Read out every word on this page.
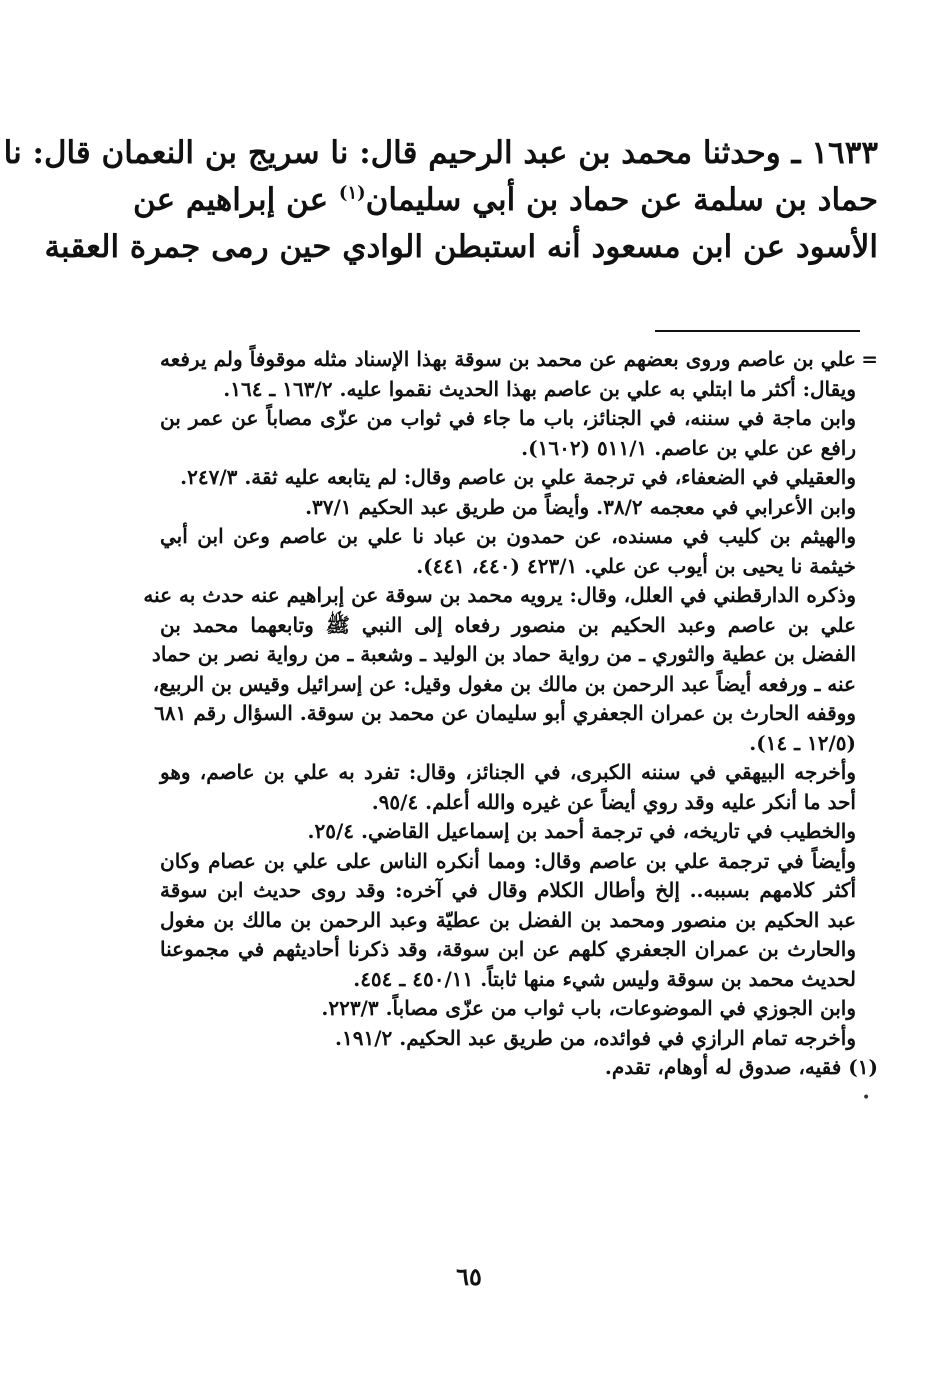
١٦٣٣ ـ وحدثنا محمد بن عبد الرحيم قال: نا سريج بن النعمان قال: نا
حماد بن سلمة عن حماد بن أبي سليمان$^{(١)}$ عن إبراهيم عن
الأسود عن ابن مسعود أنه استبطن الوادي حين رمى جمرة العقبة
=
علي بن عاصم وروى بعضهم عن محمد بن سوقة بهذا الإسناد مثله موقوفاً ولم يرفعه
ويقال: أكثر ما ابتلي به علي بن عاصم بهذا الحديث نقموا عليه. ١٦٣/٢ ـ ١٦٤.
وابن ماجة في سننه، في الجنائز، باب ما جاء في ثواب من عزّى مصاباً عن عمر بن
رافع عن علي بن عاصم. ٥١١/١ (١٦٠٢).
والعقيلي في الضعفاء، في ترجمة علي بن عاصم وقال: لم يتابعه عليه ثقة. ٢٤٧/٣.
وابن الأعرابي في معجمه ٣٨/٢. وأيضاً من طريق عبد الحكيم ٣٧/١.
والهيثم بن كليب في مسنده، عن حمدون بن عباد نا علي بن عاصم وعن ابن أبي
خيثمة نا يحيى بن أيوب عن علي. ٤٢٣/١ (٤٤٠، ٤٤١).
وذكره الدارقطني في العلل، وقال: يرويه محمد بن سوقة عن إبراهيم عنه حدث به عنه
علي بن عاصم وعبد الحكيم بن منصور رفعاه إلى النبي ﷺ وتابعهما محمد بن
الفضل بن عطية والثوري ـ من رواية حماد بن الوليد ـ وشعبة ـ من رواية نصر بن حماد
عنه ـ ورفعه أيضاً عبد الرحمن بن مالك بن مغول وقيل: عن إسرائيل وقيس بن الربيع،
ووقفه الحارث بن عمران الجعفري أبو سليمان عن محمد بن سوقة. السؤال رقم ٦٨١
(١٢/٥ ـ ١٤).
وأخرجه البيهقي في سننه الكبرى، في الجنائز، وقال: تفرد به علي بن عاصم، وهو
أحد ما أنكر عليه وقد روي أيضاً عن غيره والله أعلم. ٩٥/٤.
والخطيب في تاريخه، في ترجمة أحمد بن إسماعيل القاضي. ٢٥/٤.
وأيضاً في ترجمة علي بن عاصم وقال: ومما أنكره الناس على علي بن عصام وكان
أكثر كلامهم بسببه.. إلخ وأطال الكلام وقال في آخره: وقد روى حديث ابن سوقة
عبد الحكيم بن منصور ومحمد بن الفضل بن عطيّة وعبد الرحمن بن مالك بن مغول
والحارث بن عمران الجعفري كلهم عن ابن سوقة، وقد ذكرنا أحاديثهم في مجموعنا
لحديث محمد بن سوقة وليس شيء منها ثابتاً. ٤٥٠/١١ ـ ٤٥٤.
وابن الجوزي في الموضوعات، باب ثواب من عزّى مصاباً. ٢٢٣/٣.
وأخرجه تمام الرازي في فوائده، من طريق عبد الحكيم. ١٩١/٢.
(١) فقيه، صدوق له أوهام، تقدم.
•
٦٥
